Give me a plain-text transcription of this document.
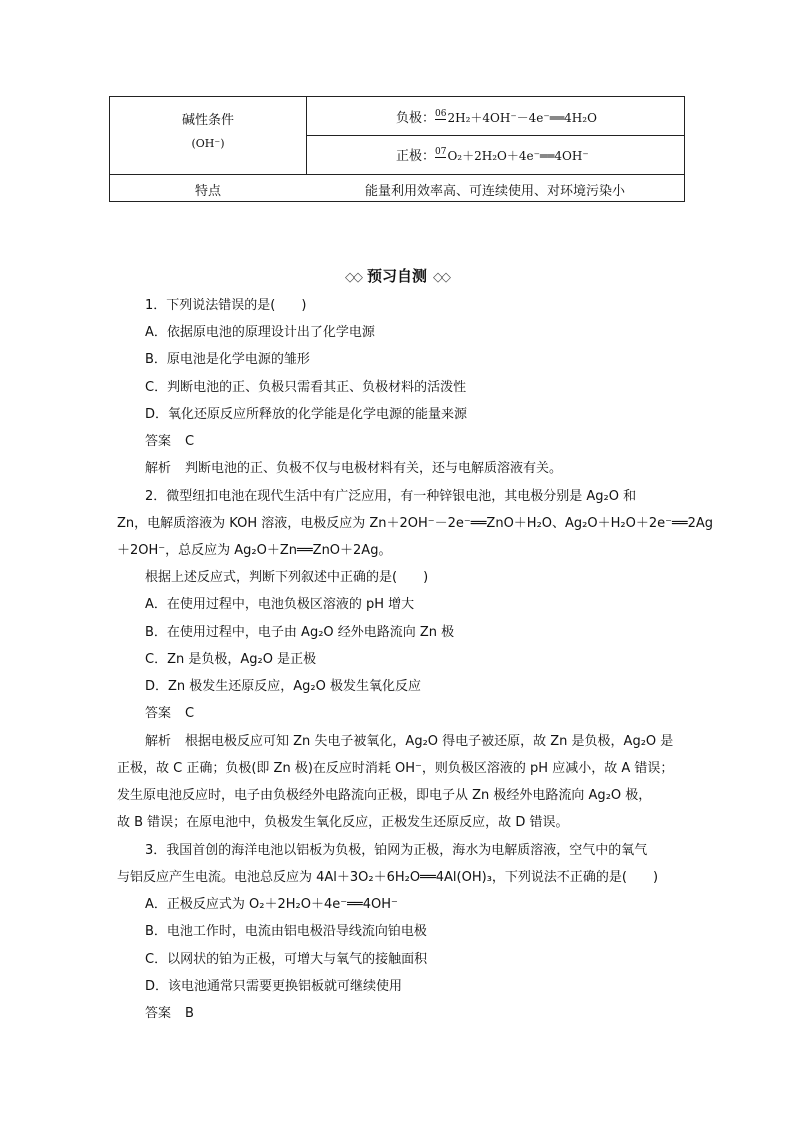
碱性条件
(OH⁻)
负极： 06 2H₂＋4OH⁻－4e⁻══4H₂O
正极： 07 O₂＋2H₂O＋4e⁻══4OH⁻
特点	能量利用效率高、可连续使用、对环境污染小
◇◇ 预习自测 ◇◇
1．下列说法错误的是(　　)
A．依据原电池的原理设计出了化学电源
B．原电池是化学电源的雏形
C．判断电池的正、负极只需看其正、负极材料的活泼性
D．氧化还原反应所释放的化学能是化学电源的能量来源
答案 C
解析 判断电池的正、负极不仅与电极材料有关，还与电解质溶液有关。
2．微型纽扣电池在现代生活中有广泛应用，有一种锌银电池，其电极分别是 Ag₂O 和
Zn，电解质溶液为 KOH 溶液，电极反应为 Zn＋2OH⁻－2e⁻══ZnO＋H₂O、Ag₂O＋H₂O＋2e⁻══2Ag
＋2OH⁻，总反应为 Ag₂O＋Zn══ZnO＋2Ag。
根据上述反应式，判断下列叙述中正确的是(　　)
A．在使用过程中，电池负极区溶液的 pH 增大
B．在使用过程中，电子由 Ag₂O 经外电路流向 Zn 极
C．Zn 是负极，Ag₂O 是正极
D．Zn 极发生还原反应，Ag₂O 极发生氧化反应
答案 C
解析 根据电极反应可知 Zn 失电子被氧化，Ag₂O 得电子被还原，故 Zn 是负极，Ag₂O 是
正极，故 C 正确；负极(即 Zn 极)在反应时消耗 OH⁻，则负极区溶液的 pH 应减小，故 A 错误；
发生原电池反应时，电子由负极经外电路流向正极，即电子从 Zn 极经外电路流向 Ag₂O 极，
故 B 错误；在原电池中，负极发生氧化反应，正极发生还原反应，故 D 错误。
3．我国首创的海洋电池以铝板为负极，铂网为正极，海水为电解质溶液，空气中的氧气
与铝反应产生电流。电池总反应为 4Al＋3O₂＋6H₂O══4Al(OH)₃，下列说法不正确的是(　　)
A．正极反应式为 O₂＋2H₂O＋4e⁻══4OH⁻
B．电池工作时，电流由铝电极沿导线流向铂电极
C．以网状的铂为正极，可增大与氧气的接触面积
D．该电池通常只需要更换铝板就可继续使用
答案 B
